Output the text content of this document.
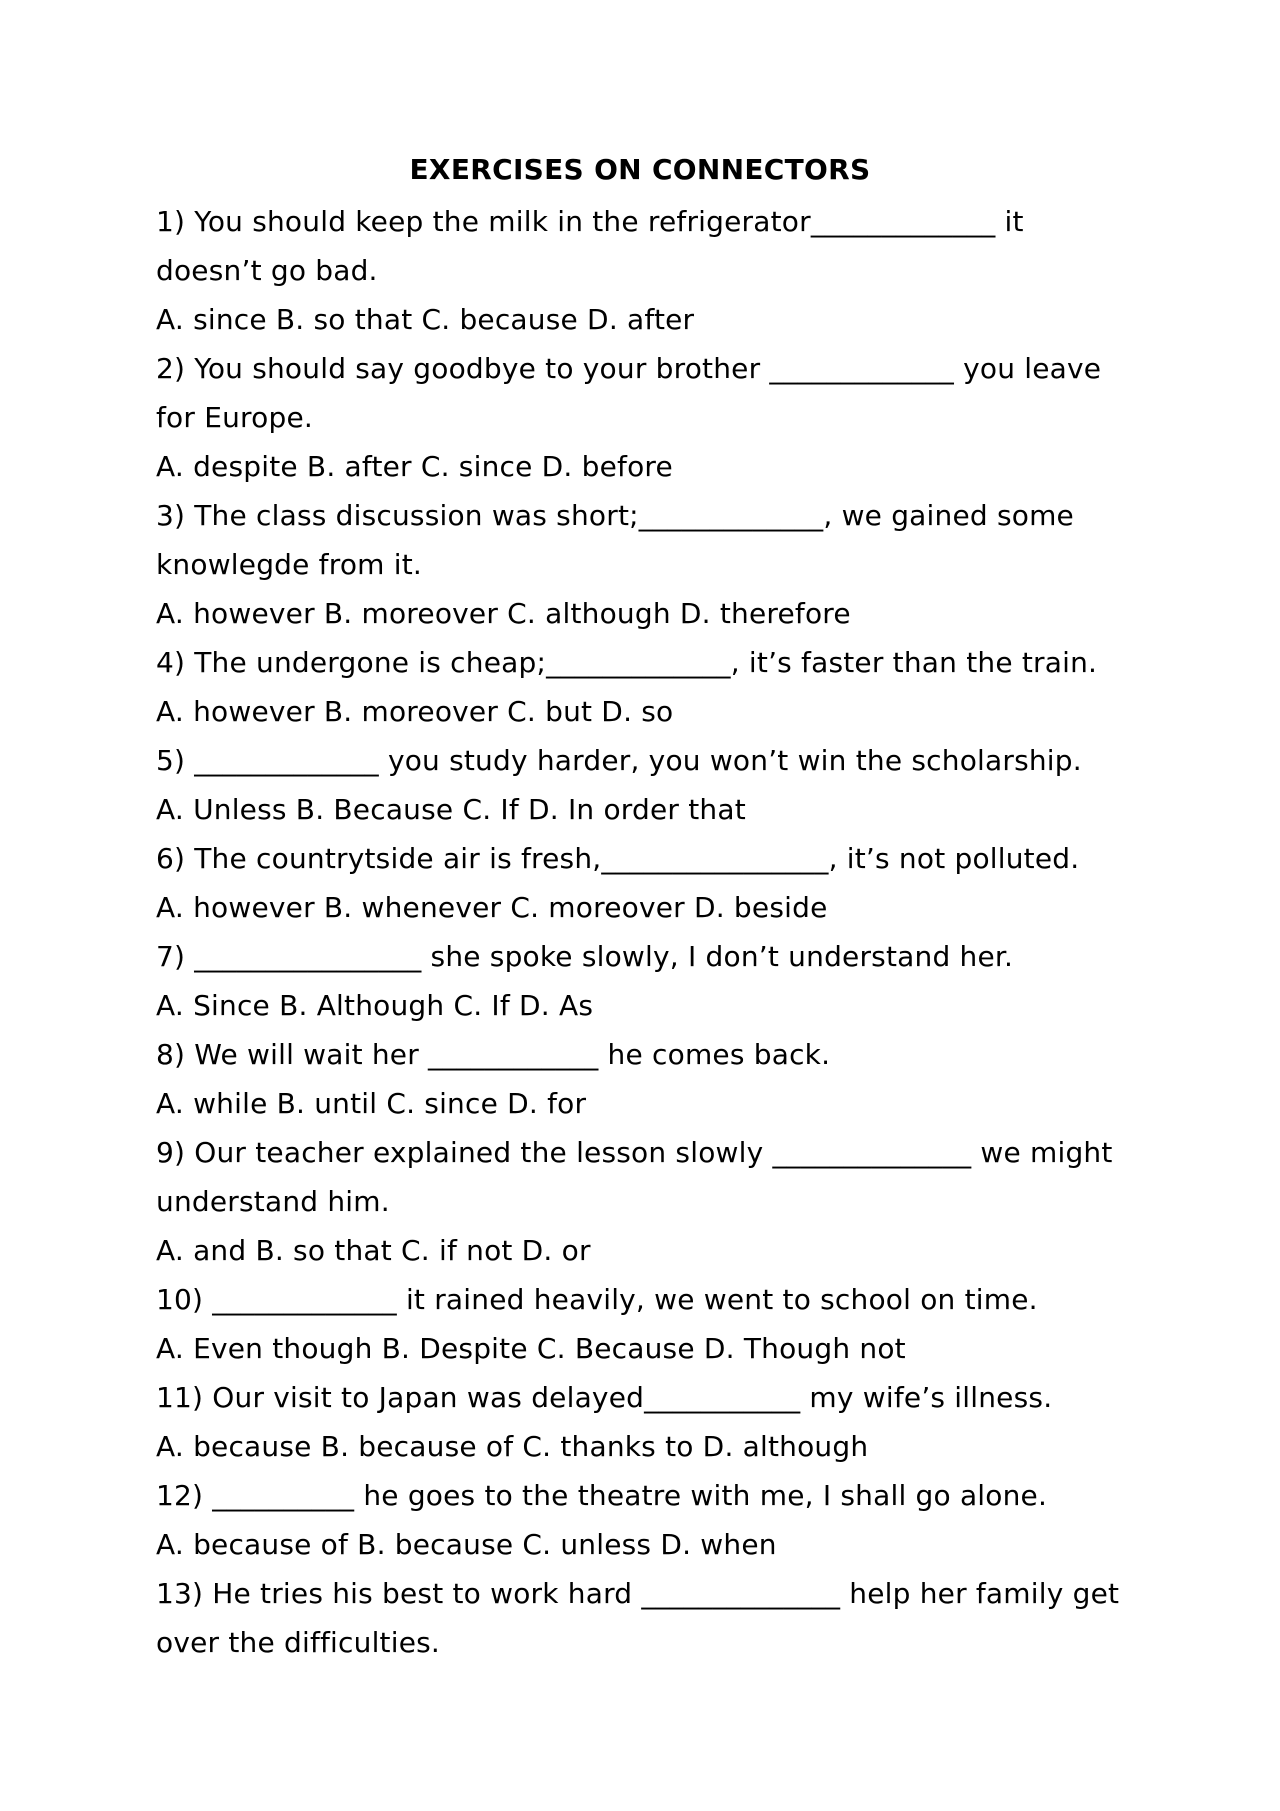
EXERCISES ON CONNECTORS
1) You should keep the milk in the refrigerator_____________ it
doesn’t go bad.
A. since B. so that C. because D. after
2) You should say goodbye to your brother _____________ you leave
for Europe.
A. despite B. after C. since D. before
3) The class discussion was short;_____________, we gained some
knowlegde from it.
A. however B. moreover C. although D. therefore
4) The undergone is cheap;_____________, it’s faster than the train.
A. however B. moreover C. but D. so
5) _____________ you study harder, you won’t win the scholarship.
A. Unless B. Because C. If D. In order that
6) The countrytside air is fresh,________________, it’s not polluted.
A. however B. whenever C. moreover D. beside
7) ________________ she spoke slowly, I don’t understand her.
A. Since B. Although C. If D. As
8) We will wait her ____________ he comes back.
A. while B. until C. since D. for
9) Our teacher explained the lesson slowly ______________ we might
understand him.
A. and B. so that C. if not D. or
10) _____________ it rained heavily, we went to school on time.
A. Even though B. Despite C. Because D. Though not
11) Our visit to Japan was delayed___________ my wife’s illness.
A. because B. because of C. thanks to D. although
12) __________ he goes to the theatre with me, I shall go alone.
A. because of B. because C. unless D. when
13) He tries his best to work hard ______________ help her family get
over the difficulties.
